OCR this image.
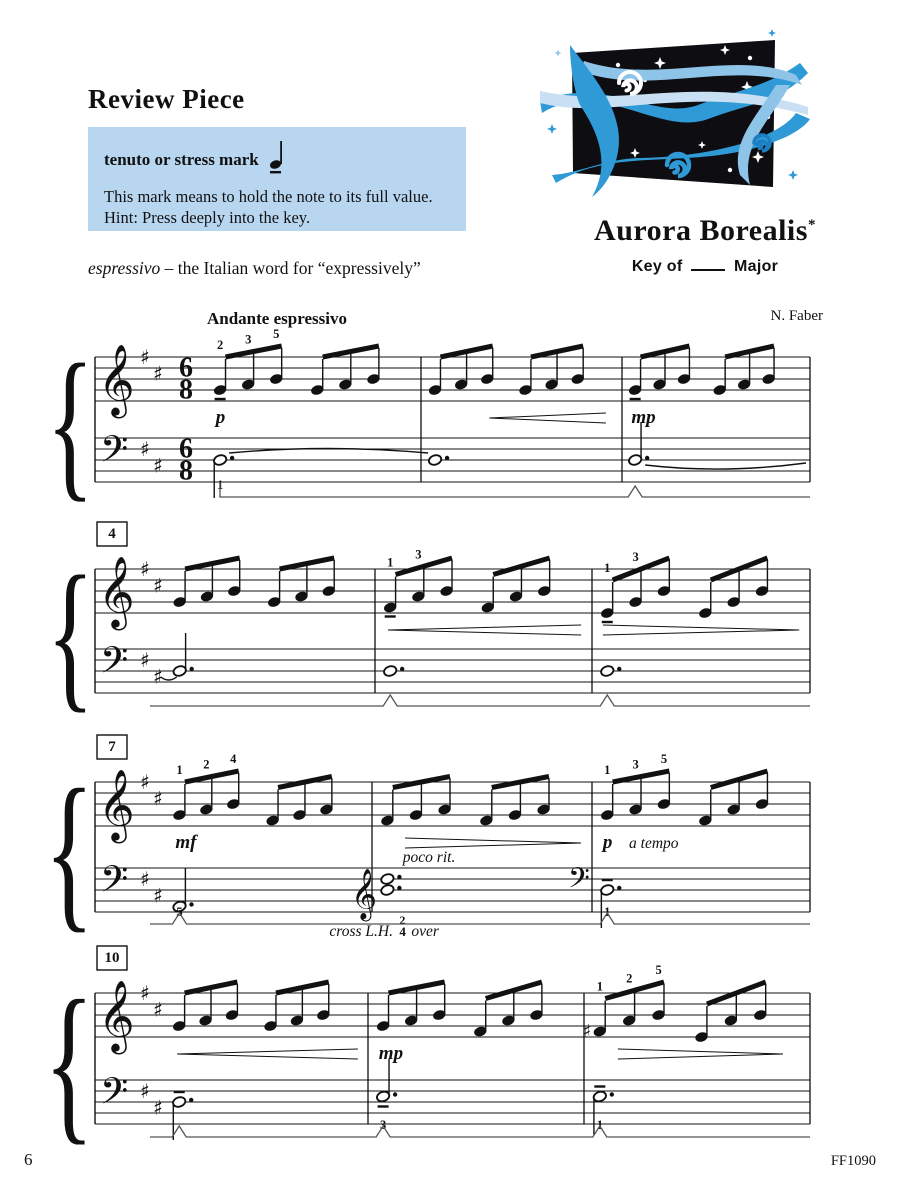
Review Piece
tenuto or stress mark
This mark means to hold the note to its full value.
Hint: Press deeply into the key.
espressivo – the Italian word for “expressively”
Aurora Borealis*
Key of	Major
Andante espressivo	N. Faber
{ 𝄞
𝄢
♯
♯
♯
♯
6
8
6
8
2 3 5
p
1
mp
{ 𝄞
𝄢
♯
♯
♯
♯
4
1
3
1
3
{ 𝄞
𝄢
♯
♯
♯
♯
7
1 2 4
mf
5	𝄞
poco rit.
𝄢
cross L.H.
2
4 over
1 3 5
p a tempo
1
{ 𝄞
𝄢
♯
♯
♯
♯
10
mp
3
1
♯
2
5
1
6	FF1090
